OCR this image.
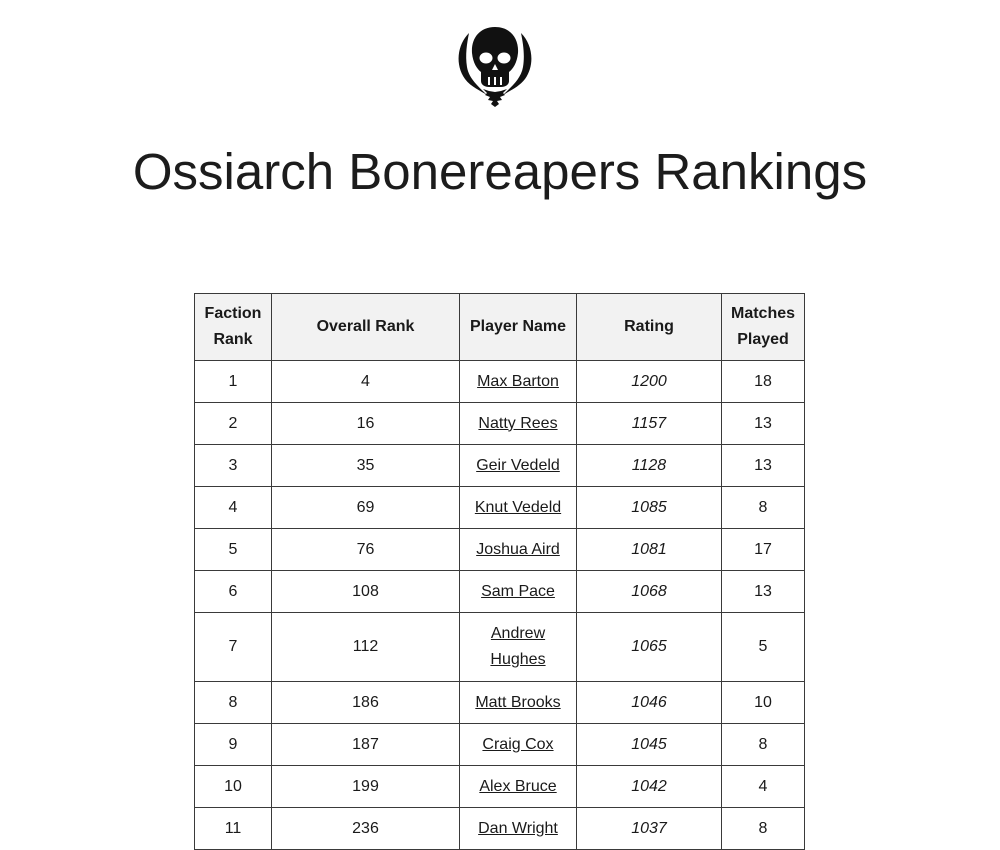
Ossiarch Bonereapers Rankings
Faction Rank	Overall Rank	Player Name	Rating	Matches Played
1	4	Max Barton	1200	18
2	16	Natty Rees	1157	13
3	35	Geir Vedeld	1128	13
4	69	Knut Vedeld	1085	8
5	76	Joshua Aird	1081	17
6	108	Sam Pace	1068	13
7	112	Andrew Hughes	1065	5
8	186	Matt Brooks	1046	10
9	187	Craig Cox	1045	8
10	199	Alex Bruce	1042	4
11	236	Dan Wright	1037	8
